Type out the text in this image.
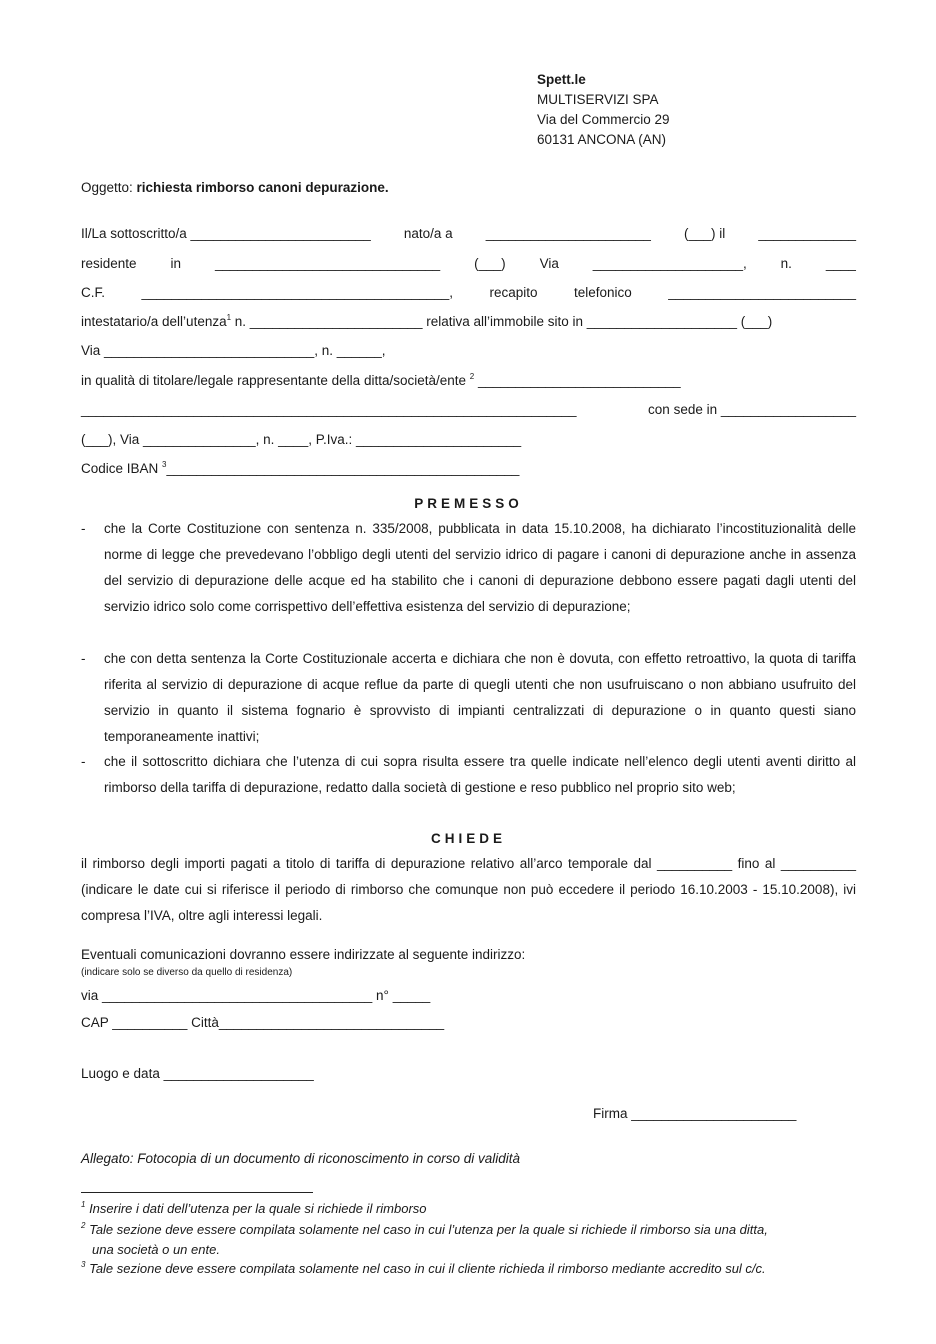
Spett.le
MULTISERVIZI SPA
Via del Commercio 29
60131 ANCONA (AN)
Oggetto: richiesta rimborso canoni depurazione.
Il/La sottoscritto/a ________________________ nato/a a ______________________ (___) il _____________
residente	in	______________________________	(___)	Via	____________________,	n.	____
C.F.	_________________________________________,	recapito	telefonico	_________________________
intestatario/a dell’utenza$^1$ n. _______________________ relativa all’immobile sito in ____________________ (___)
Via ____________________________, n. ______,
in qualità di titolare/legale rappresentante della ditta/società/ente $^2$ ___________________________
__________________________________________________________________	con sede in __________________
(___), Via _______________, n. ____, P.Iva.: ______________________
Codice IBAN $^3$_______________________________________________
PREMESSO
- che la Corte Costituzione con sentenza n. 335/2008, pubblicata in data 15.10.2008, ha dichiarato l’incostituzionalità delle norme di legge che prevedevano l’obbligo degli utenti del servizio idrico di pagare i canoni di depurazione anche in assenza del servizio di depurazione delle acque ed ha stabilito che i canoni di depurazione debbono essere pagati dagli utenti del servizio idrico solo come corrispettivo dell’effettiva esistenza del servizio di depurazione;
- che con detta sentenza la Corte Costituzionale accerta e dichiara che non è dovuta, con effetto retroattivo, la quota di tariffa riferita al servizio di depurazione di acque reflue da parte di quegli utenti che non usufruiscano o non abbiano usufruito del servizio in quanto il sistema fognario è sprovvisto di impianti centralizzati di depurazione o in quanto questi siano temporaneamente inattivi;
- che il sottoscritto dichiara che l’utenza di cui sopra risulta essere tra quelle indicate nell’elenco degli utenti aventi diritto al rimborso della tariffa di depurazione, redatto dalla società di gestione e reso pubblico nel proprio sito web;
CHIEDE
il rimborso degli importi pagati a titolo di tariffa di depurazione relativo all’arco temporale dal __________ fino al __________ (indicare le date cui si riferisce il periodo di rimborso che comunque non può eccedere il periodo 16.10.2003 - 15.10.2008), ivi compresa l’IVA, oltre agli interessi legali.
Eventuali comunicazioni dovranno essere indirizzate al seguente indirizzo:
(indicare solo se diverso da quello di residenza)
via ____________________________________ n° _____
CAP __________ Città______________________________
Luogo e data ____________________
Firma ______________________
Allegato: Fotocopia di un documento di riconoscimento in corso di validità
$^1$ Inserire i dati dell’utenza per la quale si richiede il rimborso
$^2$ Tale sezione deve essere compilata solamente nel caso in cui l’utenza per la quale si richiede il rimborso sia una ditta,
una società o un ente.
$^3$ Tale sezione deve essere compilata solamente nel caso in cui il cliente richieda il rimborso mediante accredito sul c/c.
